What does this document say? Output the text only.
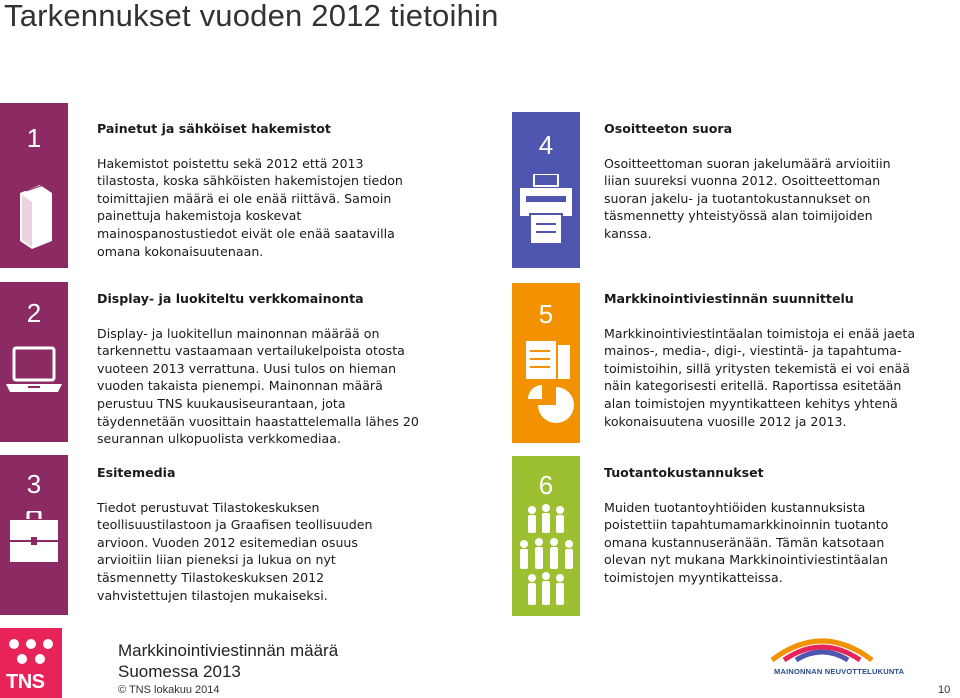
Tarkennukset vuoden 2012 tietoihin
1	Painetut ja sähköiset hakemistot
Hakemistot poistettu sekä 2012 että 2013
tilastosta, koska sähköisten hakemistojen tiedon
toimittajien määrä ei ole enää riittävä. Samoin
painettuja hakemistoja koskevat
mainospanostustiedot eivät ole enää saatavilla
omana kokonaisuutenaan.
2	Display- ja luokiteltu verkkomainonta
Display- ja luokitellun mainonnan määrää on
tarkennettu vastaamaan vertailukelpoista otosta
vuoteen 2013 verrattuna. Uusi tulos on hieman
vuoden takaista pienempi. Mainonnan määrä
perustuu TNS kuukausiseurantaan, jota
täydennetään vuosittain haastattelemalla lähes 20
seurannan ulkopuolista verkkomediaa.
3	Esitemedia
Tiedot perustuvat Tilastokeskuksen
teollisuustilastoon ja Graafisen teollisuuden
arvioon. Vuoden 2012 esitemedian osuus
arvioitiin liian pieneksi ja lukua on nyt
täsmennetty Tilastokeskuksen 2012
vahvistettujen tilastojen mukaiseksi.
4
Osoitteeton suora
Osoitteettoman suoran jakelumäärä arvioitiin
liian suureksi vuonna 2012. Osoitteettoman
suoran jakelu- ja tuotantokustannukset on
täsmennetty yhteistyössä alan toimijoiden
kanssa.
5
Markkinointiviestinnän suunnittelu
Markkinointiviestintäalan toimistoja ei enää jaeta
mainos-, media-, digi-, viestintä- ja tapahtuma-
toimistoihin, sillä yritysten tekemistä ei voi enää
näin kategorisesti eritellä. Raportissa esitetään
alan toimistojen myyntikatteen kehitys yhtenä
kokonaisuutena vuosille 2012 ja 2013.
6	Tuotantokustannukset
Muiden tuotantoyhtiöiden kustannuksista
poistettiin tapahtumamarkkinoinnin tuotanto
omana kustannuseränään. Tämän katsotaan
olevan nyt mukana Markkinointiviestintäalan
toimistojen myyntikatteissa.
TNS
Markkinointiviestinnän määrä
Suomessa 2013
© TNS lokakuu 2014
MAINONNAN NEUVOTTELUKUNTA
10
